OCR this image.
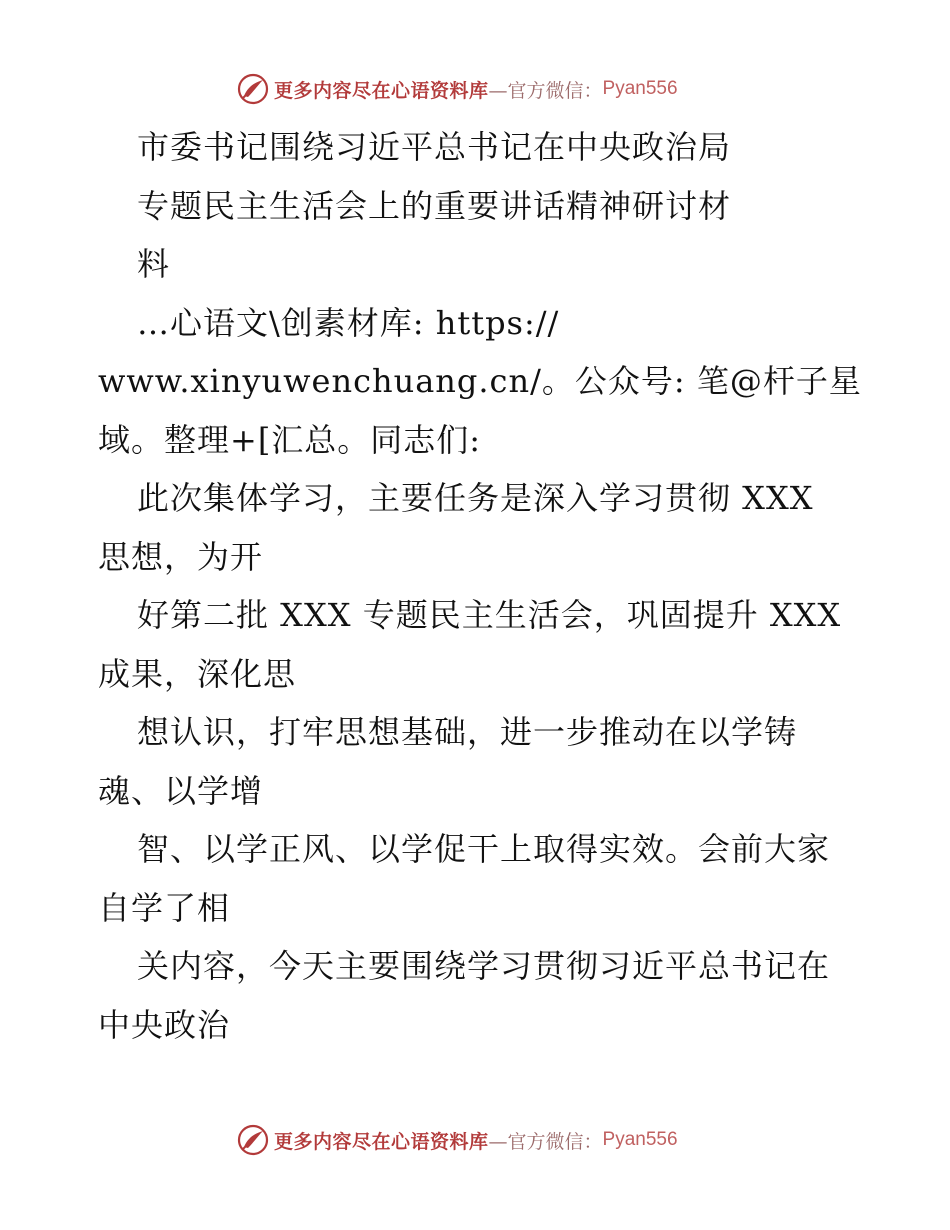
更多内容尽在心语资料库 —官方微信： Pyan556
市委书记围绕习近平总书记在中央政治局
专题民主生活会上的重要讲话精神研讨材
料
…心语文\创素材库: https://
www.xinyuwenchuang.cn/。公众号: 笔@杆子星
域。整理+[汇总。同志们:
此次集体学习，主要任务是深入学习贯彻 XXX
思想，为开
好第二批 XXX 专题民主生活会，巩固提升 XXX
成果，深化思
想认识，打牢思想基础，进一步推动在以学铸
魂、以学增
智、以学正风、以学促干上取得实效。会前大家
自学了相
关内容，今天主要围绕学习贯彻习近平总书记在
中央政治
更多内容尽在心语资料库 —官方微信： Pyan556
